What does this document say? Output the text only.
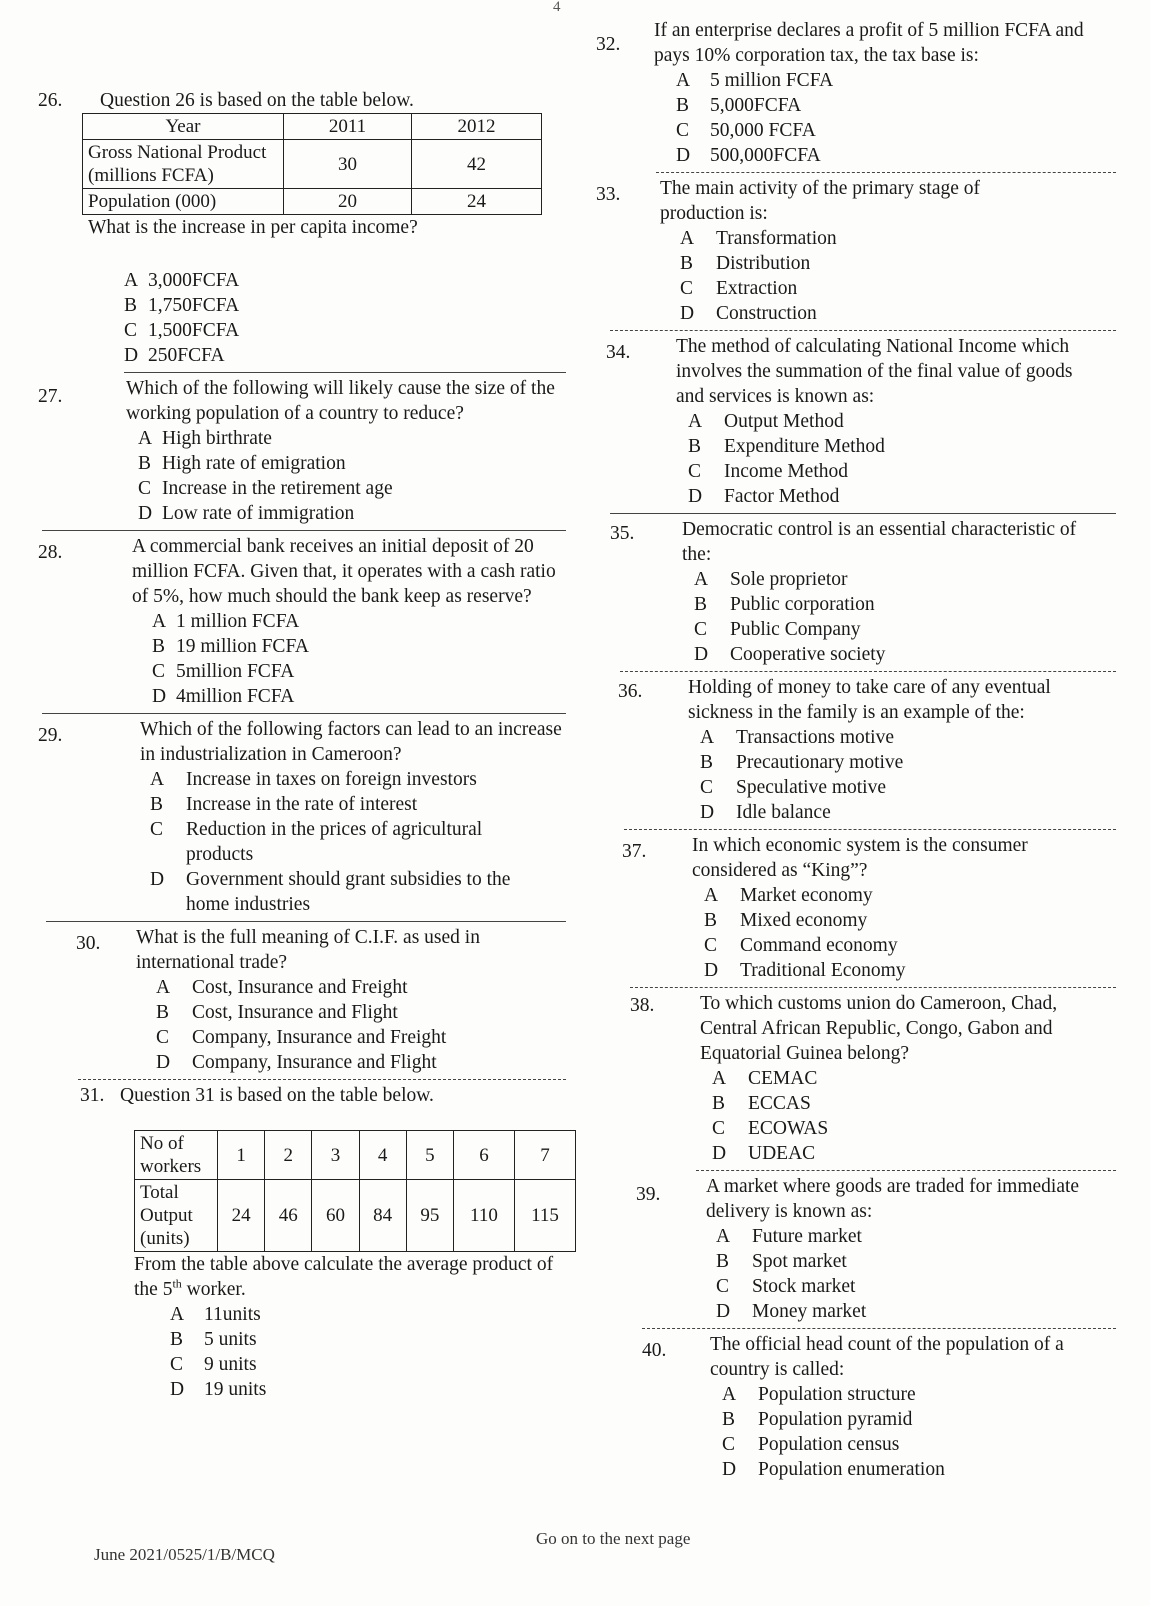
4
26. Question 26 is based on the table below.
Year	2011	2012
Gross National Product (millions FCFA)	30	42
Population (000)	20	24
What is the increase in per capita income?
A 3,000FCFA
B 1,750FCFA
C 1,500FCFA
D 250FCFA
27.	Which of the following will likely cause the size of the working population of a country to reduce?
A High birthrate
B High rate of emigration
C Increase in the retirement age
D Low rate of immigration
28.	A commercial bank receives an initial deposit of 20 million FCFA. Given that, it operates with a cash ratio of 5%, how much should the bank keep as reserve?
A 1 million FCFA
B 19 million FCFA
C 5million FCFA
D 4million FCFA
29.	Which of the following factors can lead to an increase in industrialization in Cameroon?
A	Increase in taxes on foreign investors
B	Increase in the rate of interest
C	Reduction in the prices of agricultural products
D	Government should grant subsidies to the home industries
30. What is the full meaning of C.I.F. as used in international trade?
A	Cost, Insurance and Freight
B	Cost, Insurance and Flight
C	Company, Insurance and Freight
D	Company, Insurance and Flight
31. Question 31 is based on the table below.
No of workers	1	2	3	4	5	6	7
Total Output (units)	24	46	60	84	95	110	115
From the table above calculate the average product of the 5th worker.
A	11units
B	5 units
C	9 units
D	19 units
32.
If an enterprise declares a profit of 5 million FCFA and pays 10% corporation tax, the tax base is:
A	5 million FCFA
B	5,000FCFA
C	50,000 FCFA
D	500,000FCFA
33. The main activity of the primary stage of production is:
A	Transformation
B	Distribution
C	Extraction
D	Construction
34. The method of calculating National Income which involves the summation of the final value of goods and services is known as:
A	Output Method
B	Expenditure Method
C	Income Method
D	Factor Method
35. Democratic control is an essential characteristic of the:
A	Sole proprietor
B	Public corporation
C	Public Company
D	Cooperative society
36. Holding of money to take care of any eventual sickness in the family is an example of the:
A	Transactions motive
B	Precautionary motive
C	Speculative motive
D	Idle balance
37. In which economic system is the consumer considered as “King”?
A	Market economy
B	Mixed economy
C	Command economy
D	Traditional Economy
38. To which customs union do Cameroon, Chad, Central African Republic, Congo, Gabon and Equatorial Guinea belong?
A	CEMAC
B	ECCAS
C	ECOWAS
D	UDEAC
39. A market where goods are traded for immediate delivery is known as:
A	Future market
B	Spot market
C	Stock market
D	Money market
40. The official head count of the population of a country is called:
A	Population structure
B	Population pyramid
C	Population census
D	Population enumeration
June 2021/0525/1/B/MCQ
Go on to the next page
